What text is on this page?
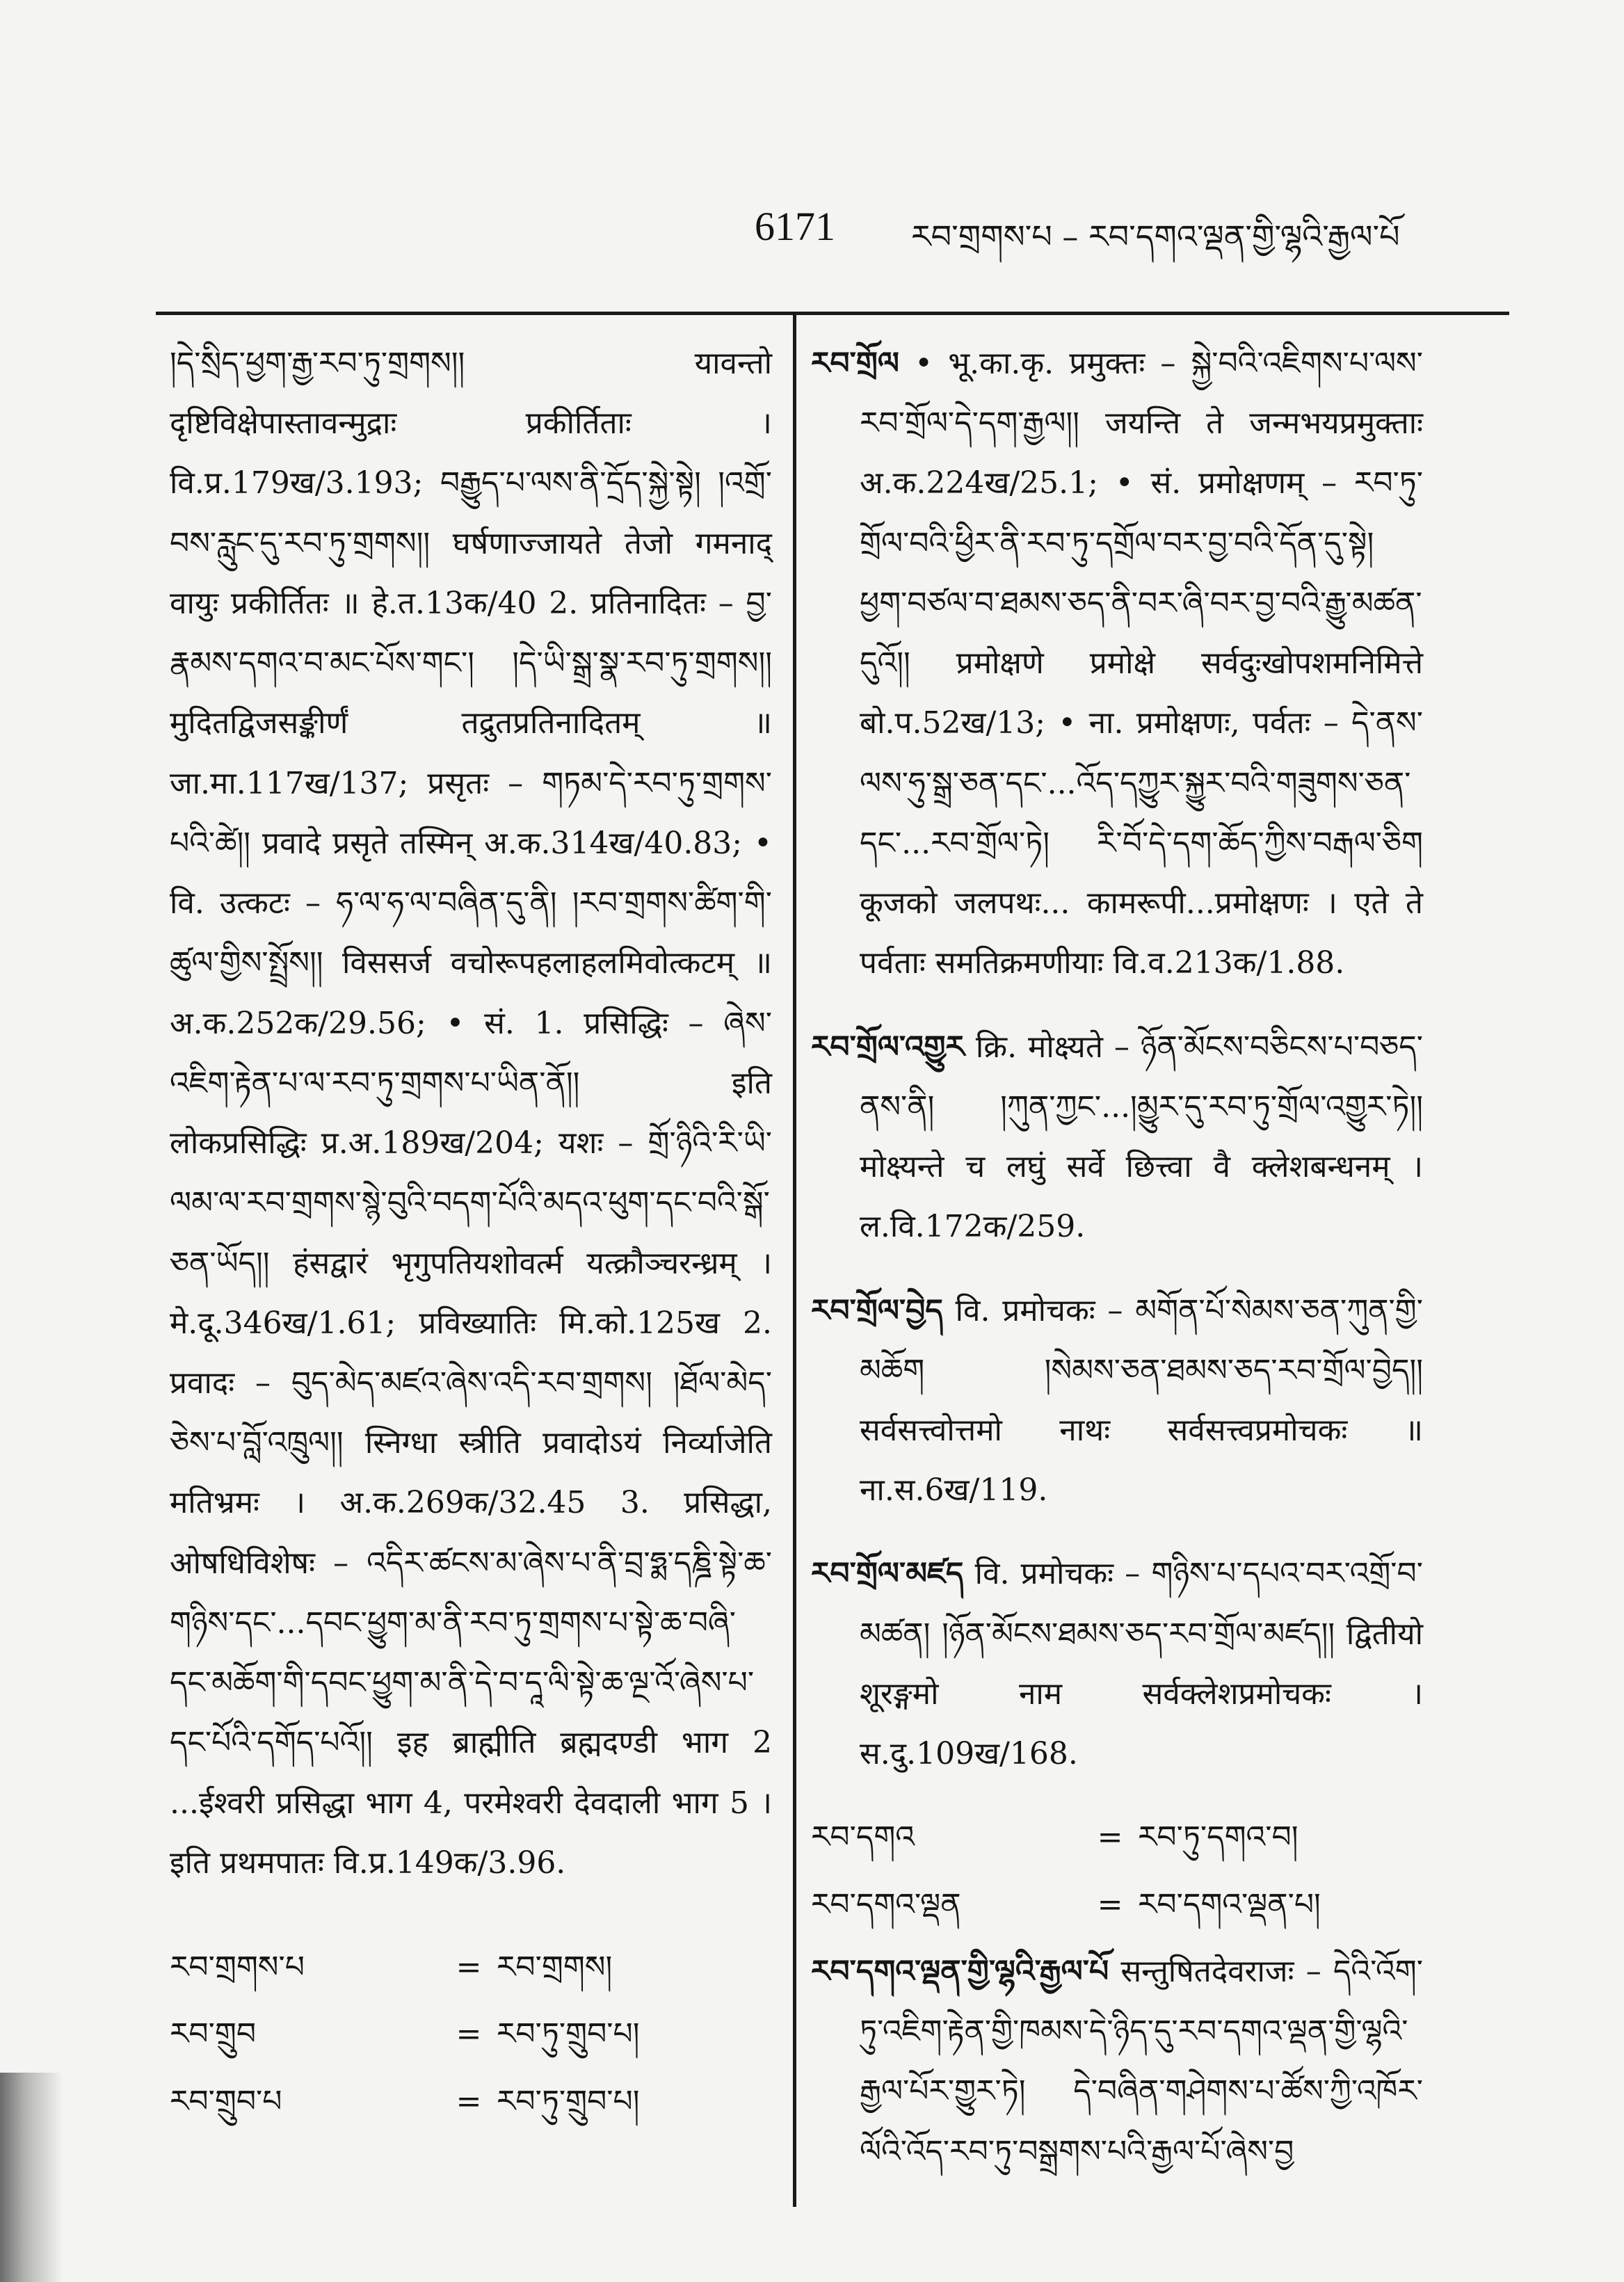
6171 རབ་གྲགས་པ – རབ་དགའ་ལྡན་གྱི་ལྷའི་རྒྱལ་པོ

།དེ་སྲིད་ཕྱག་རྒྱ་རབ་ཏུ་གྲགས།། यावन्तो दृष्टिविक्षेपास्तावन्मुद्राः प्रकीर्तिताः । वि.प्र.179ख/3.193; བརྒྱུད་པ་ལས་ནི་དྲོད་སྐྱེ་སྟེ། །འགྲོ་བས་རླུང་དུ་རབ་ཏུ་གྲགས།། घर्षणाज्जायते तेजो गमनाद् वायुः प्रकीर्तितः ॥ हे.त.13क/40 2. प्रतिनादितः – བྱ་རྣམས་དགའ་བ་མང་པོས་གང་། །དེ་ཡི་སྒྲ་སྣ་རབ་ཏུ་གྲགས།། मुदितद्विजसङ्कीर्णं तद्रुतप्रतिनादितम् ॥ जा.मा.117ख/137; प्रसृतः – གཏམ་དེ་རབ་ཏུ་གྲགས་པའི་ཚེ།། प्रवादे प्रसृते तस्मिन् अ.क.314ख/40.83; • वि. उत्कटः – ཧ་ལ་ཧ་ལ་བཞིན་དུ་ནི། །རབ་གྲགས་ཚིག་གི་ཚུལ་གྱིས་སྤྲོས།། विससर्ज वचोरूपहलाहलमिवोत्कटम् ॥ अ.क.252क/29.56; • सं. 1. प्रसिद्धिः – ཞེས་འཇིག་རྟེན་པ་ལ་རབ་ཏུ་གྲགས་པ་ཡིན་ནོ།། इति लोकप्रसिद्धिः प्र.अ.189ख/204; यशः – གྲོ་ཉིའི་རི་ཡི་ལམ་ལ་རབ་གྲགས་སྙེ་བུའི་བདག་པོའི་མདའ་ཕུག་དང་བའི་སྒོ་ཅན་ཡོད།། हंसद्वारं भृगुपतियशोवर्त्म यत्क्रौञ्चरन्ध्रम् । मे.दू.346ख/1.61; प्रविख्यातिः मि.को.125ख 2. प्रवादः – བུད་མེད་མཛའ་ཞེས་འདི་རབ་གྲགས། །ཐོལ་མེད་ཅེས་པ་བློ་འཁྲུལ།། स्निग्धा स्त्रीति प्रवादोऽयं निर्व्याजेति मतिभ्रमः । अ.क.269क/32.45 3. प्रसिद्धा, ओषधिविशेषः – འདིར་ཚངས་མ་ཞེས་པ་ནི་བྲ་ཧྨ་དཎྜི་སྟེ་ཆ་གཉིས་དང་...དབང་ཕྱུག་མ་ནི་རབ་ཏུ་གྲགས་པ་སྟེ་ཆ་བཞི་དང་མཆོག་གི་དབང་ཕྱུག་མ་ནི་དེ་བ་དཱ་ལི་སྟེ་ཆ་ལྔ་འོ་ཞེས་པ་དང་པོའི་དགོད་པའོ།། इह ब्राह्मीति ब्रह्मदण्डी भाग 2 ...ईश्वरी प्रसिद्धा भाग 4, परमेश्वरी देवदाली भाग 5 । इति प्रथमपातः वि.प्र.149क/3.96.

རབ་གྲགས་པ	= རབ་གྲགས།
རབ་གྲུབ	= རབ་ཏུ་གྲུབ་པ།
རབ་གྲུབ་པ	= རབ་ཏུ་གྲུབ་པ།

རབ་གྲོལ • भू.का.कृ. प्रमुक्तः – སྐྱེ་བའི་འཇིགས་པ་ལས་རབ་གྲོལ་དེ་དག་རྒྱལ།། जयन्ति ते जन्मभयप्रमुक्ताः अ.क.224ख/25.1; • सं. प्रमोक्षणम् – རབ་ཏུ་གྲོལ་བའི་ཕྱིར་ནི་རབ་ཏུ་དགྲོལ་བར་བྱ་བའི་དོན་དུ་སྟེ། ཕྱག་བཙལ་བ་ཐམས་ཅད་ནི་བར་ཞི་བར་བྱ་བའི་རྒྱུ་མཚན་དུའོ།། प्रमोक्षणे प्रमोक्षे सर्वदुःखोपशमनिमित्ते बो.प.52ख/13; • ना. प्रमोक्षणः, पर्वतः – དེ་ནས་ལས་ཧུ་སྒྲ་ཅན་དང་...འོད་དཀྱུར་སྐྱུར་བའི་གཟུགས་ཅན་དང་...རབ་གྲོལ་ཏེ། རི་བོ་དེ་དག་ཆོད་ཀྱིས་བརྒལ་ཅིག कूजको जलपथः... कामरूपी...प्रमोक्षणः । एते ते पर्वताः समतिक्रमणीयाः वि.व.213क/1.88.

རབ་གྲོལ་འགྱུར क्रि. मोक्ष्यते – ཉོན་མོངས་བཅིངས་པ་བཅད་ནས་ནི། །ཀུན་ཀྱང་...།མྱུར་དུ་རབ་ཏུ་གྲོལ་འགྱུར་ཏེ།། मोक्ष्यन्ते च लघुं सर्वे छित्त्वा वै क्लेशबन्धनम् । ल.वि.172क/259.

རབ་གྲོལ་བྱེད वि. प्रमोचकः – མགོན་པོ་སེམས་ཅན་ཀུན་གྱི་མཆོག །སེམས་ཅན་ཐམས་ཅད་རབ་གྲོལ་བྱེད།། सर्वसत्त्वोत्तमो नाथः सर्वसत्त्वप्रमोचकः ॥ ना.स.6ख/119.

རབ་གྲོལ་མཛད वि. प्रमोचकः – གཉིས་པ་དཔའ་བར་འགྲོ་བ་མཚན། །ཉོན་མོངས་ཐམས་ཅད་རབ་གྲོལ་མཛད།། द्वितीयो शूरङ्गमो नाम सर्वक्लेशप्रमोचकः । स.दु.109ख/168.

རབ་དགའ	= རབ་ཏུ་དགའ་བ།
རབ་དགའ་ལྡན	= རབ་དགའ་ལྡན་པ།

རབ་དགའ་ལྡན་གྱི་ལྷའི་རྒྱལ་པོ सन्तुषितदेवराजः – དེའི་འོག་ཏུ་འཇིག་རྟེན་གྱི་ཁམས་དེ་ཉིད་དུ་རབ་དགའ་ལྡན་གྱི་ལྷའི་རྒྱལ་པོར་གྱུར་ཏེ། དེ་བཞིན་གཤེགས་པ་ཚོས་ཀྱི་འཁོར་ལོའི་འོད་རབ་ཏུ་བསྒྲགས་པའི་རྒྱལ་པོ་ཞེས་བྱ
